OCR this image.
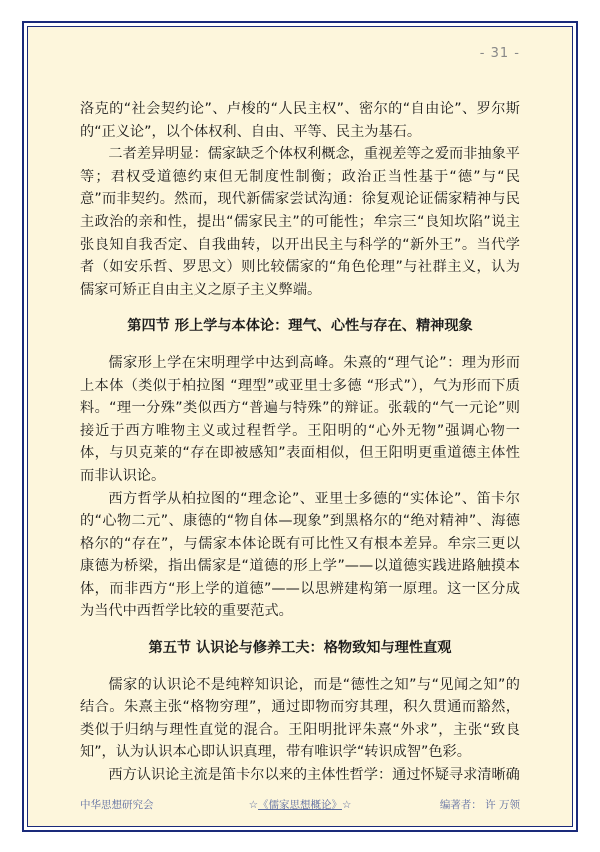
- 31 -

洛克的“社会契约论”、卢梭的“人民主权”、密尔的“自由论”、罗尔斯的“正义论”，以个体权利、自由、平等、民主为基石。

二者差异明显：儒家缺乏个体权利概念，重视差等之爱而非抽象平等；君权受道德约束但无制度性制衡；政治正当性基于“德”与“民意”而非契约。然而，现代新儒家尝试沟通：徐复观论证儒家精神与民主政治的亲和性，提出“儒家民主”的可能性；牟宗三“良知坎陷”说主张良知自我否定、自我曲转，以开出民主与科学的“新外王”。当代学者（如安乐哲、罗思文）则比较儒家的“角色伦理”与社群主义，认为儒家可矫正自由主义之原子主义弊端。

第四节 形上学与本体论：理气、心性与存在、精神现象

儒家形上学在宋明理学中达到高峰。朱熹的“理气论”：理为形而上本体（类似于柏拉图 “理型”或亚里士多德 “形式”），气为形而下质料。“理一分殊”类似西方“普遍与特殊”的辩证。张载的“气一元论”则接近于西方唯物主义或过程哲学。王阳明的“心外无物”强调心物一体，与贝克莱的“存在即被感知”表面相似，但王阳明更重道德主体性而非认识论。

西方哲学从柏拉图的“理念论”、亚里士多德的“实体论”、笛卡尔的“心物二元”、康德的“物自体—现象”到黑格尔的“绝对精神”、海德格尔的“存在”，与儒家本体论既有可比性又有根本差异。牟宗三更以康德为桥梁，指出儒家是“道德的形上学”——以道德实践进路触摸本体，而非西方“形上学的道德”——以思辨建构第一原理。这一区分成为当代中西哲学比较的重要范式。

第五节 认识论与修养工夫：格物致知与理性直观

儒家的认识论不是纯粹知识论，而是“德性之知”与“见闻之知”的结合。朱熹主张“格物穷理”，通过即物而穷其理，积久贯通而豁然，类似于归纳与理性直觉的混合。王阳明批评朱熹“外求”，主张“致良知”，认为认识本心即认识真理，带有唯识学“转识成智”色彩。

西方认识论主流是笛卡尔以来的主体性哲学：通过怀疑寻求清晰确

中华思想研究会	☆《儒家思想概论》☆	编著者： 许 万领
